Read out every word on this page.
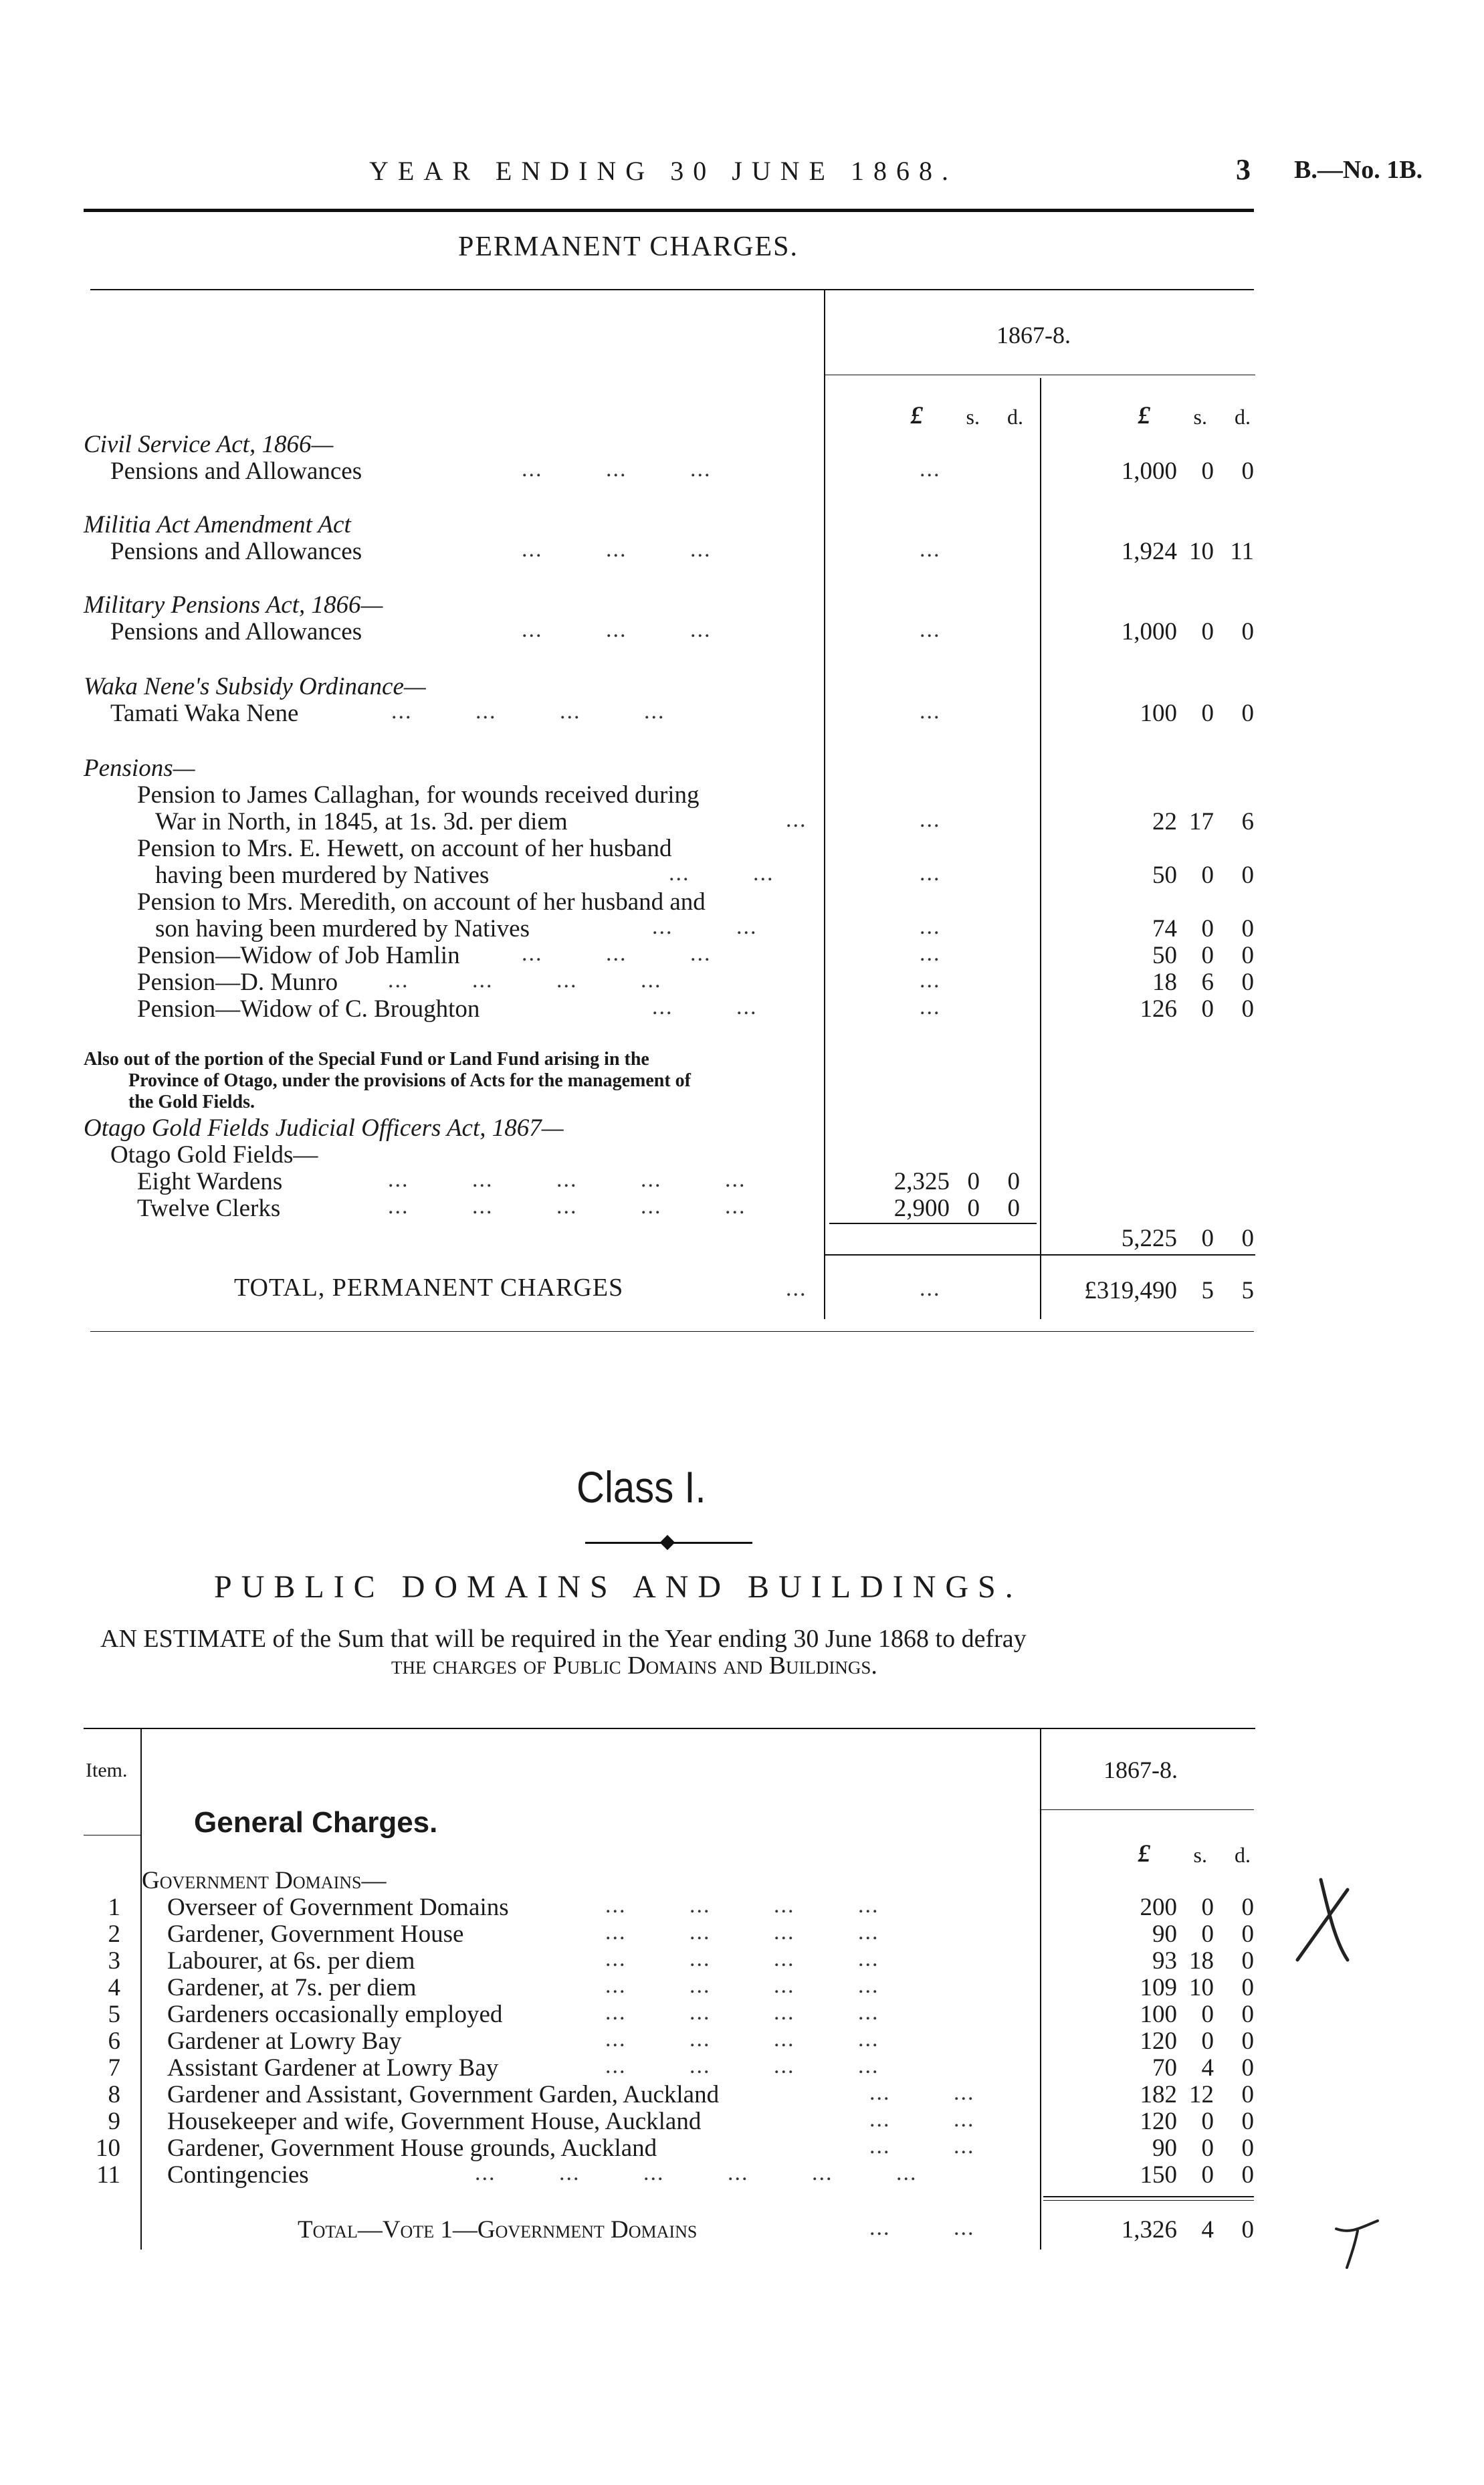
YEAR ENDING 30 JUNE 1868.	3 B.—No. 1B.
PERMANENT CHARGES.
1867-8.
£ s.	d.	£ s.	d.
Civil Service Act, 1866—
Pensions and Allowances	...         ...         ...	...	1,000 0	0
Militia Act Amendment Act
Pensions and Allowances	...         ...         ...	...	1,924 10 11
Military Pensions Act, 1866—
Pensions and Allowances	...         ...         ...	...	1,000 0	0
Waka Nene's Subsidy Ordinance—
Tamati Waka Nene	...         ...         ...         ...	...	100 0	0
Pensions—
Pension to James Callaghan, for wounds received during
War in North, in 1845, at 1s. 3d. per diem	...	...	22 17	6
Pension to Mrs. E. Hewett, on account of her husband
having been murdered by Natives	...         ...	...	50 0	0
Pension to Mrs. Meredith, on account of her husband and
son having been murdered by Natives	...         ...	...	74 0	0
Pension—Widow of Job Hamlin	...         ...         ...	...	50 0	0
Pension—D. Munro ...         ...         ...         ...	...	18 6	0
Pension—Widow of C. Broughton	...         ...	...	126 0	0
Also out of the portion of the Special Fund or Land Fund arising in the
Province of Otago, under the provisions of Acts for the management of
the Gold Fields.
Otago Gold Fields Judicial Officers Act, 1867—
Otago Gold Fields—
Eight Wardens	...         ...         ...         ...         ...	2,325 0	0
Twelve Clerks	...         ...         ...         ...         ...	2,900 0	0
5,225 0	0
TOTAL, PERMANENT CHARGES	...	...	£319,490 5	5
Class I.
PUBLIC DOMAINS AND BUILDINGS.
AN ESTIMATE of the Sum that will be required in the Year ending 30 June 1868 to defray
the charges of Public Domains and Buildings.
Item.	1867-8.
General Charges.
£ s.	d.
Government Domains—
1 Overseer of Government Domains	...         ...         ...         ...	200 0	0
2 Gardener, Government House	...         ...         ...         ...	90 0	0
3 Labourer, at 6s. per diem	...         ...         ...         ...	93 18	0
4 Gardener, at 7s. per diem	...         ...         ...         ...	109 10	0
5 Gardeners occasionally employed	...         ...         ...         ...	100 0	0
6 Gardener at Lowry Bay	...         ...         ...         ...	120 0	0
7 Assistant Gardener at Lowry Bay	...         ...         ...         ...	70 4	0
8 Gardener and Assistant, Government Garden, Auckland	...         ...	182 12	0
9 Housekeeper and wife, Government House, Auckland	...         ...	120 0	0
10 Gardener, Government House grounds, Auckland	...         ...	90 0	0
11 Contingencies	...         ...         ...         ...         ...         ...	150 0	0
Total—Vote 1—Government Domains	...         ...	1,326 4	0
